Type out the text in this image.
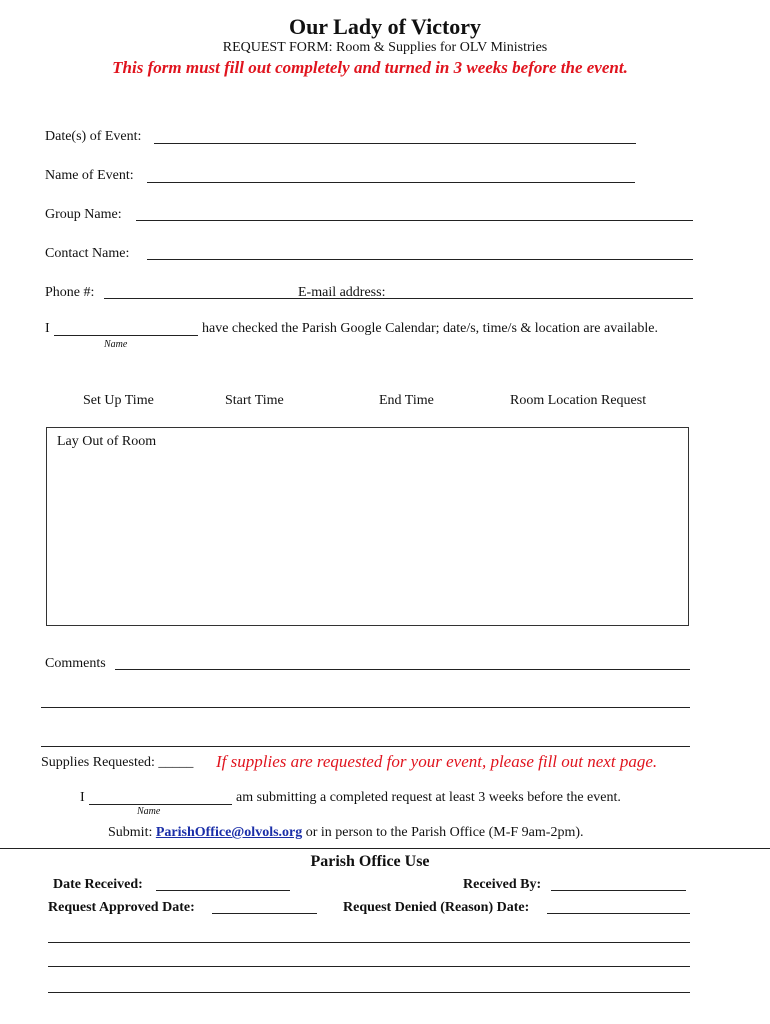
Our Lady of Victory
REQUEST FORM: Room & Supplies for OLV Ministries
This form must fill out completely and turned in 3 weeks before the event.
Date(s) of Event:
Name of Event:
Group Name:
Contact Name:
Phone #:	E-mail address:
I	have checked the Parish Google Calendar; date/s, time/s & location are available.
Name
Set Up Time	Start Time	End Time	Room Location Request
Lay Out of Room
Comments
Supplies Requested: _____ If supplies are requested for your event, please fill out next page.
I	am submitting a completed request at least 3 weeks before the event.
Name
Submit: ParishOffice@olvols.org or in person to the Parish Office (M-F 9am-2pm).
Parish Office Use
Date Received:	Received By:
Request Approved Date:	Request Denied (Reason) Date:
